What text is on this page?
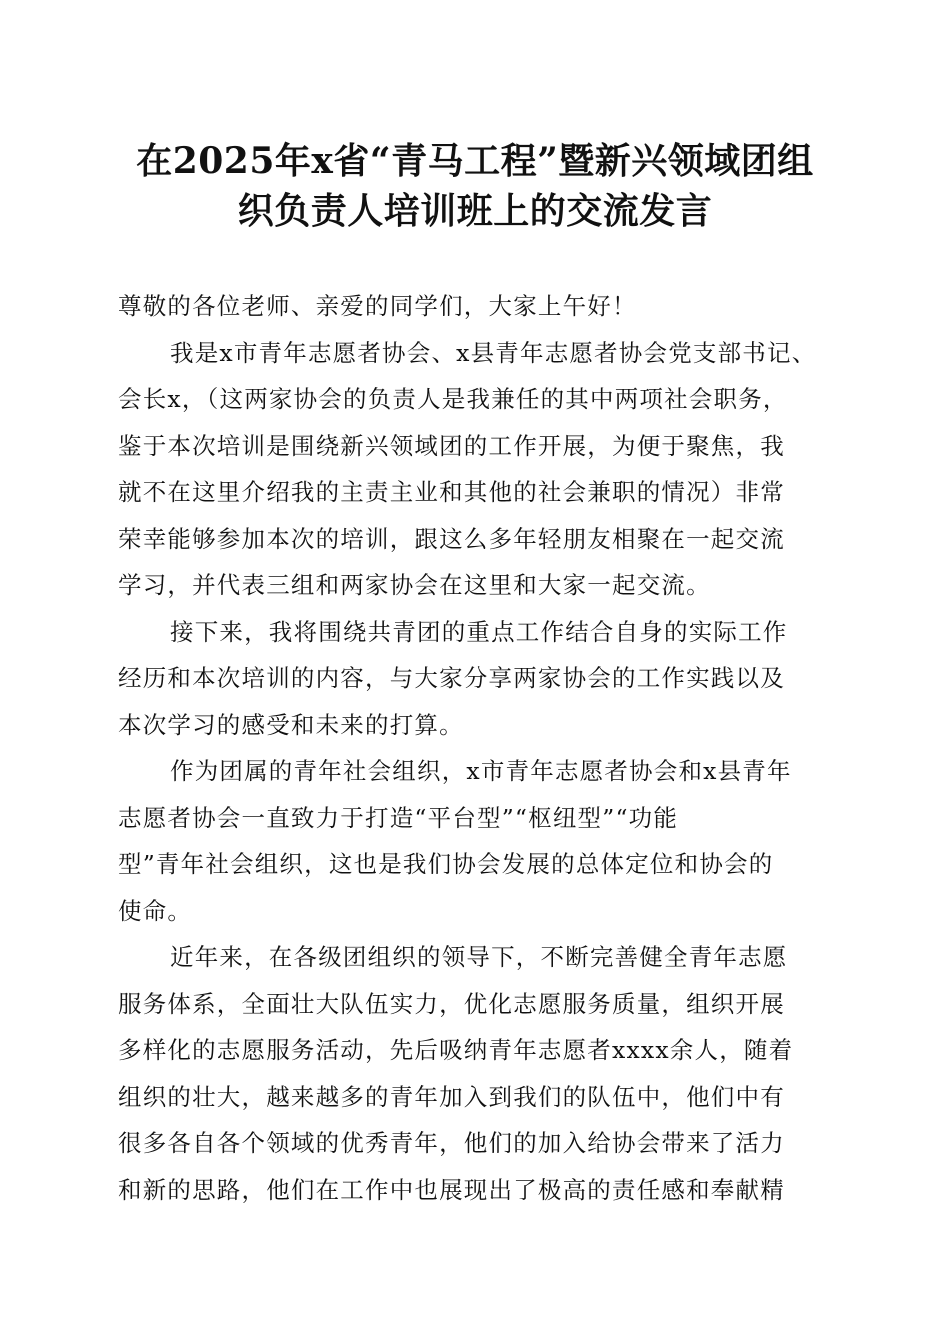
在2025年x省“青马工程”暨新兴领域团组
织负责人培训班上的交流发言
尊敬的各位老师、亲爱的同学们，大家上午好！
我是x市青年志愿者协会、x县青年志愿者协会党支部书记、
会长x，（这两家协会的负责人是我兼任的其中两项社会职务，
鉴于本次培训是围绕新兴领域团的工作开展，为便于聚焦，我
就不在这里介绍我的主责主业和其他的社会兼职的情况）非常
荣幸能够参加本次的培训，跟这么多年轻朋友相聚在一起交流
学习，并代表三组和两家协会在这里和大家一起交流。
接下来，我将围绕共青团的重点工作结合自身的实际工作
经历和本次培训的内容，与大家分享两家协会的工作实践以及
本次学习的感受和未来的打算。
作为团属的青年社会组织，x市青年志愿者协会和x县青年
志愿者协会一直致力于打造“平台型”“枢纽型”“功能
型”青年社会组织，这也是我们协会发展的总体定位和协会的
使命。
近年来，在各级团组织的领导下，不断完善健全青年志愿
服务体系，全面壮大队伍实力，优化志愿服务质量，组织开展
多样化的志愿服务活动，先后吸纳青年志愿者xxxx余人，随着
组织的壮大，越来越多的青年加入到我们的队伍中，他们中有
很多各自各个领域的优秀青年，他们的加入给协会带来了活力
和新的思路，他们在工作中也展现出了极高的责任感和奉献精
